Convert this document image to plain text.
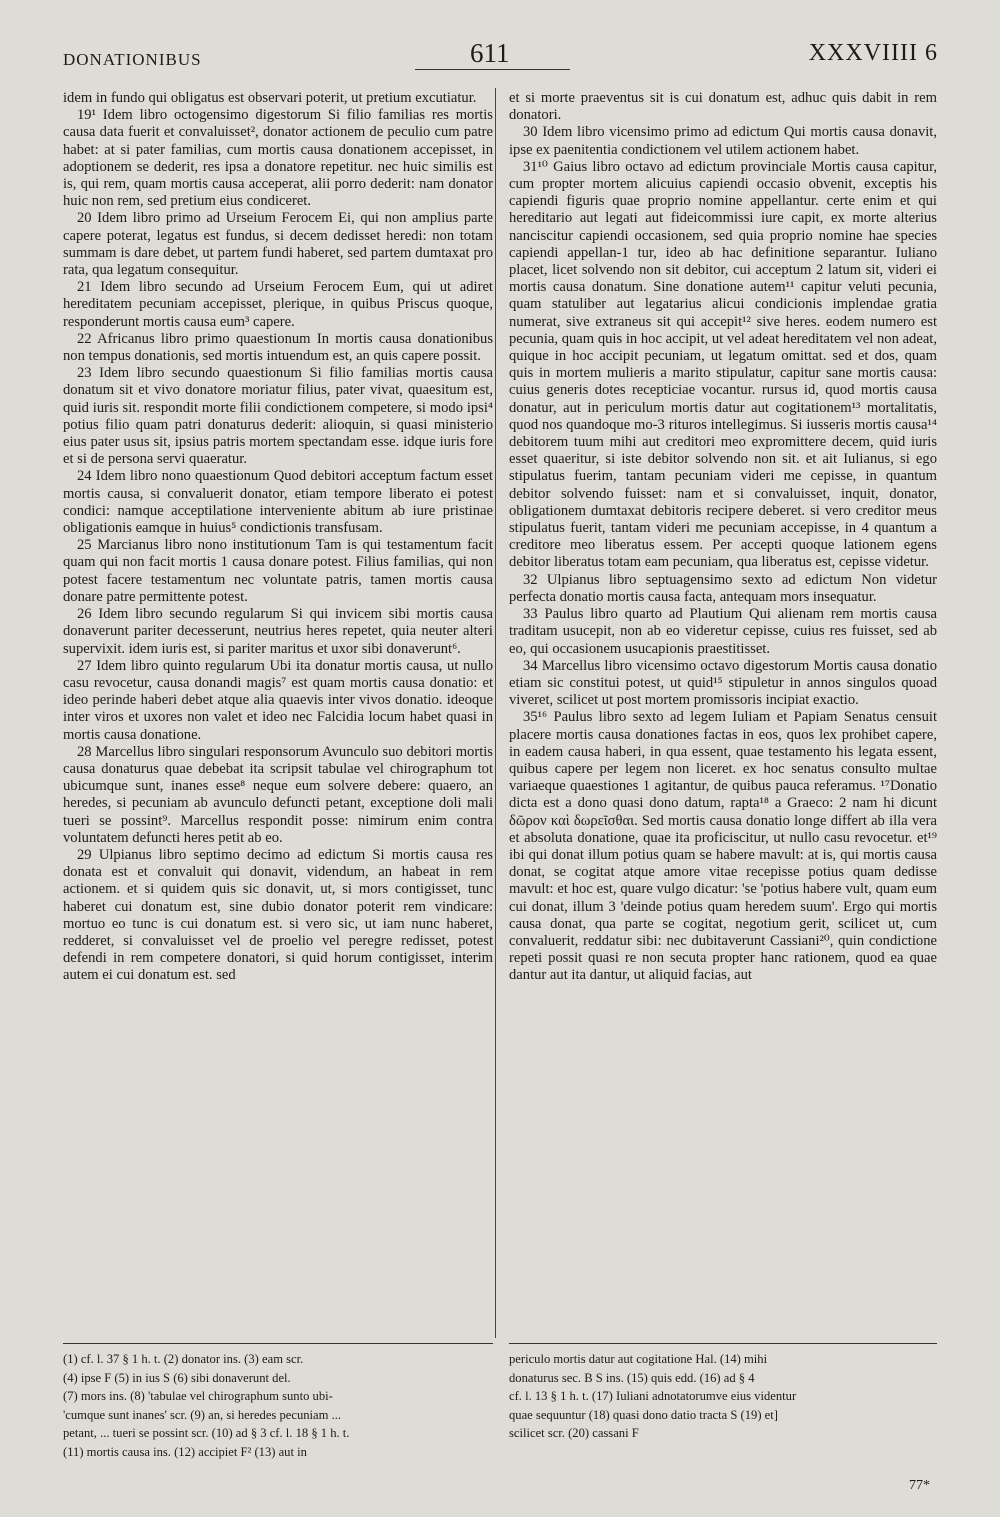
DONATIONIBUS	611	XXXVIIII 6

idem in fundo qui obligatus est observari poterit, ut pretium excutiatur.

19¹ Idem libro octogensimo digestorum Si filio familias res mortis causa data fuerit et convaluisset², donator actionem de peculio cum patre habet: at si pater familias, cum mortis causa donationem accepisset, in adoptionem se dederit, res ipsa a donatore repetitur. nec huic similis est is, qui rem, quam mortis causa acceperat, alii porro dederit: nam donator huic non rem, sed pretium eius condiceret.

20 Idem libro primo ad Urseium Ferocem Ei, qui non amplius parte capere poterat, legatus est fundus, si decem dedisset heredi: non totam summam is dare debet, ut partem fundi haberet, sed partem dumtaxat pro rata, qua legatum consequitur.

21 Idem libro secundo ad Urseium Ferocem Eum, qui ut adiret hereditatem pecuniam accepisset, plerique, in quibus Priscus quoque, responderunt mortis causa eum³ capere.

22 Africanus libro primo quaestionum In mortis causa donationibus non tempus donationis, sed mortis intuendum est, an quis capere possit.

23 Idem libro secundo quaestionum Si filio familias mortis causa donatum sit et vivo donatore moriatur filius, pater vivat, quaesitum est, quid iuris sit. respondit morte filii condictionem competere, si modo ipsi⁴ potius filio quam patri donaturus dederit: alioquin, si quasi ministerio eius pater usus sit, ipsius patris mortem spectandam esse. idque iuris fore et si de persona servi quaeratur.

24 Idem libro nono quaestionum Quod debitori acceptum factum esset mortis causa, si convaluerit donator, etiam tempore liberato ei potest condici: namque acceptilatione interveniente abitum ab iure pristinae obligationis eamque in huius⁵ condictionis transfusam.

25 Marcianus libro nono institutionum Tam is qui testamentum facit quam qui non facit mortis 1 causa donare potest. Filius familias, qui non potest facere testamentum nec voluntate patris, tamen mortis causa donare patre permittente potest.

26 Idem libro secundo regularum Si qui invicem sibi mortis causa donaverunt pariter decesserunt, neutrius heres repetet, quia neuter alteri supervixit. idem iuris est, si pariter maritus et uxor sibi donaverunt⁶.

27 Idem libro quinto regularum Ubi ita donatur mortis causa, ut nullo casu revocetur, causa donandi magis⁷ est quam mortis causa donatio: et ideo perinde haberi debet atque alia quaevis inter vivos donatio. ideoque inter viros et uxores non valet et ideo nec Falcidia locum habet quasi in mortis causa donatione.

28 Marcellus libro singulari responsorum Avunculo suo debitori mortis causa donaturus quae debebat ita scripsit tabulae vel chirographum tot ubicumque sunt, inanes esse⁸ neque eum solvere debere: quaero, an heredes, si pecuniam ab avunculo defuncti petant, exceptione doli mali tueri se possint⁹. Marcellus respondit posse: nimirum enim contra voluntatem defuncti heres petit ab eo.

29 Ulpianus libro septimo decimo ad edictum Si mortis causa res donata est et convaluit qui donavit, videndum, an habeat in rem actionem. et si quidem quis sic donavit, ut, si mors contigisset, tunc haberet cui donatum est, sine dubio donator poterit rem vindicare: mortuo eo tunc is cui donatum est. si vero sic, ut iam nunc haberet, redderet, si convaluisset vel de proelio vel peregre redisset, potest defendi in rem competere donatori, si quid horum contigisset, interim autem ei cui donatum est. sed

et si morte praeventus sit is cui donatum est, adhuc quis dabit in rem donatori.

30 Idem libro vicensimo primo ad edictum Qui mortis causa donavit, ipse ex paenitentia condictionem vel utilem actionem habet.

31¹⁰ Gaius libro octavo ad edictum provinciale Mortis causa capitur, cum propter mortem alicuius capiendi occasio obvenit, exceptis his capiendi figuris quae proprio nomine appellantur. certe enim et qui hereditario aut legati aut fideicommissi iure capit, ex morte alterius nanciscitur capiendi occasionem, sed quia proprio nomine hae species capiendi appellan-1 tur, ideo ab hac definitione separantur. Iuliano placet, licet solvendo non sit debitor, cui acceptum 2 latum sit, videri ei mortis causa donatum. Sine donatione autem¹¹ capitur veluti pecunia, quam statuliber aut legatarius alicui condicionis implendae gratia numerat, sive extraneus sit qui accepit¹² sive heres. eodem numero est pecunia, quam quis in hoc accipit, ut vel adeat hereditatem vel non adeat, quique in hoc accipit pecuniam, ut legatum omittat. sed et dos, quam quis in mortem mulieris a marito stipulatur, capitur sane mortis causa: cuius generis dotes recepticiae vocantur. rursus id, quod mortis causa donatur, aut in periculum mortis datur aut cogitationem¹³ mortalitatis, quod nos quandoque mo-3 rituros intellegimus. Si iusseris mortis causa¹⁴ debitorem tuum mihi aut creditori meo expromittere decem, quid iuris esset quaeritur, si iste debitor solvendo non sit. et ait Iulianus, si ego stipulatus fuerim, tantam pecuniam videri me cepisse, in quantum debitor solvendo fuisset: nam et si convaluisset, inquit, donator, obligationem dumtaxat debitoris recipere deberet. si vero creditor meus stipulatus fuerit, tantam videri me pecuniam accepisse, in 4 quantum a creditore meo liberatus essem. Per accepti quoque lationem egens debitor liberatus totam eam pecuniam, qua liberatus est, cepisse videtur.

32 Ulpianus libro septuagensimo sexto ad edictum Non videtur perfecta donatio mortis causa facta, antequam mors insequatur.

33 Paulus libro quarto ad Plautium Qui alienam rem mortis causa traditam usucepit, non ab eo videretur cepisse, cuius res fuisset, sed ab eo, qui occasionem usucapionis praestitisset.

34 Marcellus libro vicensimo octavo digestorum Mortis causa donatio etiam sic constitui potest, ut quid¹⁵ stipuletur in annos singulos quoad viveret, scilicet ut post mortem promissoris incipiat exactio.

35¹⁶ Paulus libro sexto ad legem Iuliam et Papiam Senatus censuit placere mortis causa donationes factas in eos, quos lex prohibet capere, in eadem causa haberi, in qua essent, quae testamento his legata essent, quibus capere per legem non liceret. ex hoc senatus consulto multae variaeque quaestiones 1 agitantur, de quibus pauca referamus. ¹⁷Donatio dicta est a dono quasi dono datum, rapta¹⁸ a Graeco: 2 nam hi dicunt δῶρον καὶ δωρεῖσθαι. Sed mortis causa donatio longe differt ab illa vera et absoluta donatione, quae ita proficiscitur, ut nullo casu revocetur. et¹⁹ ibi qui donat illum potius quam se habere mavult: at is, qui mortis causa donat, se cogitat atque amore vitae recepisse potius quam dedisse mavult: et hoc est, quare vulgo dicatur: 'se 'potius habere vult, quam eum cui donat, illum 3 'deinde potius quam heredem suum'. Ergo qui mortis causa donat, qua parte se cogitat, negotium gerit, scilicet ut, cum convaluerit, reddatur sibi: nec dubitaverunt Cassiani²⁰, quin condictione repeti possit quasi re non secuta propter hanc rationem, quod ea quae dantur aut ita dantur, ut aliquid facias, aut

(1) cf. l. 37 § 1 h. t. (2) donator ins. (3) eam scr.
(4) ipse F (5) in ius S (6) sibi donaverunt del.
(7) mors ins. (8) 'tabulae vel chirographum sunto ubi-
'cumque sunt inanes' scr. (9) an, si heredes pecuniam ...
petant, ... tueri se possint scr. (10) ad § 3 cf. l. 18 § 1 h. t.
(11) mortis causa ins. (12) accipiet F² (13) aut in
periculo mortis datur aut cogitatione Hal. (14) mihi
donaturus sec. B S ins. (15) quis edd. (16) ad § 4
cf. l. 13 § 1 h. t. (17) Iuliani adnotatorumve eius videntur
quae sequuntur (18) quasi dono datio tracta S (19) et]
scilicet scr. (20) cassani F
77*
